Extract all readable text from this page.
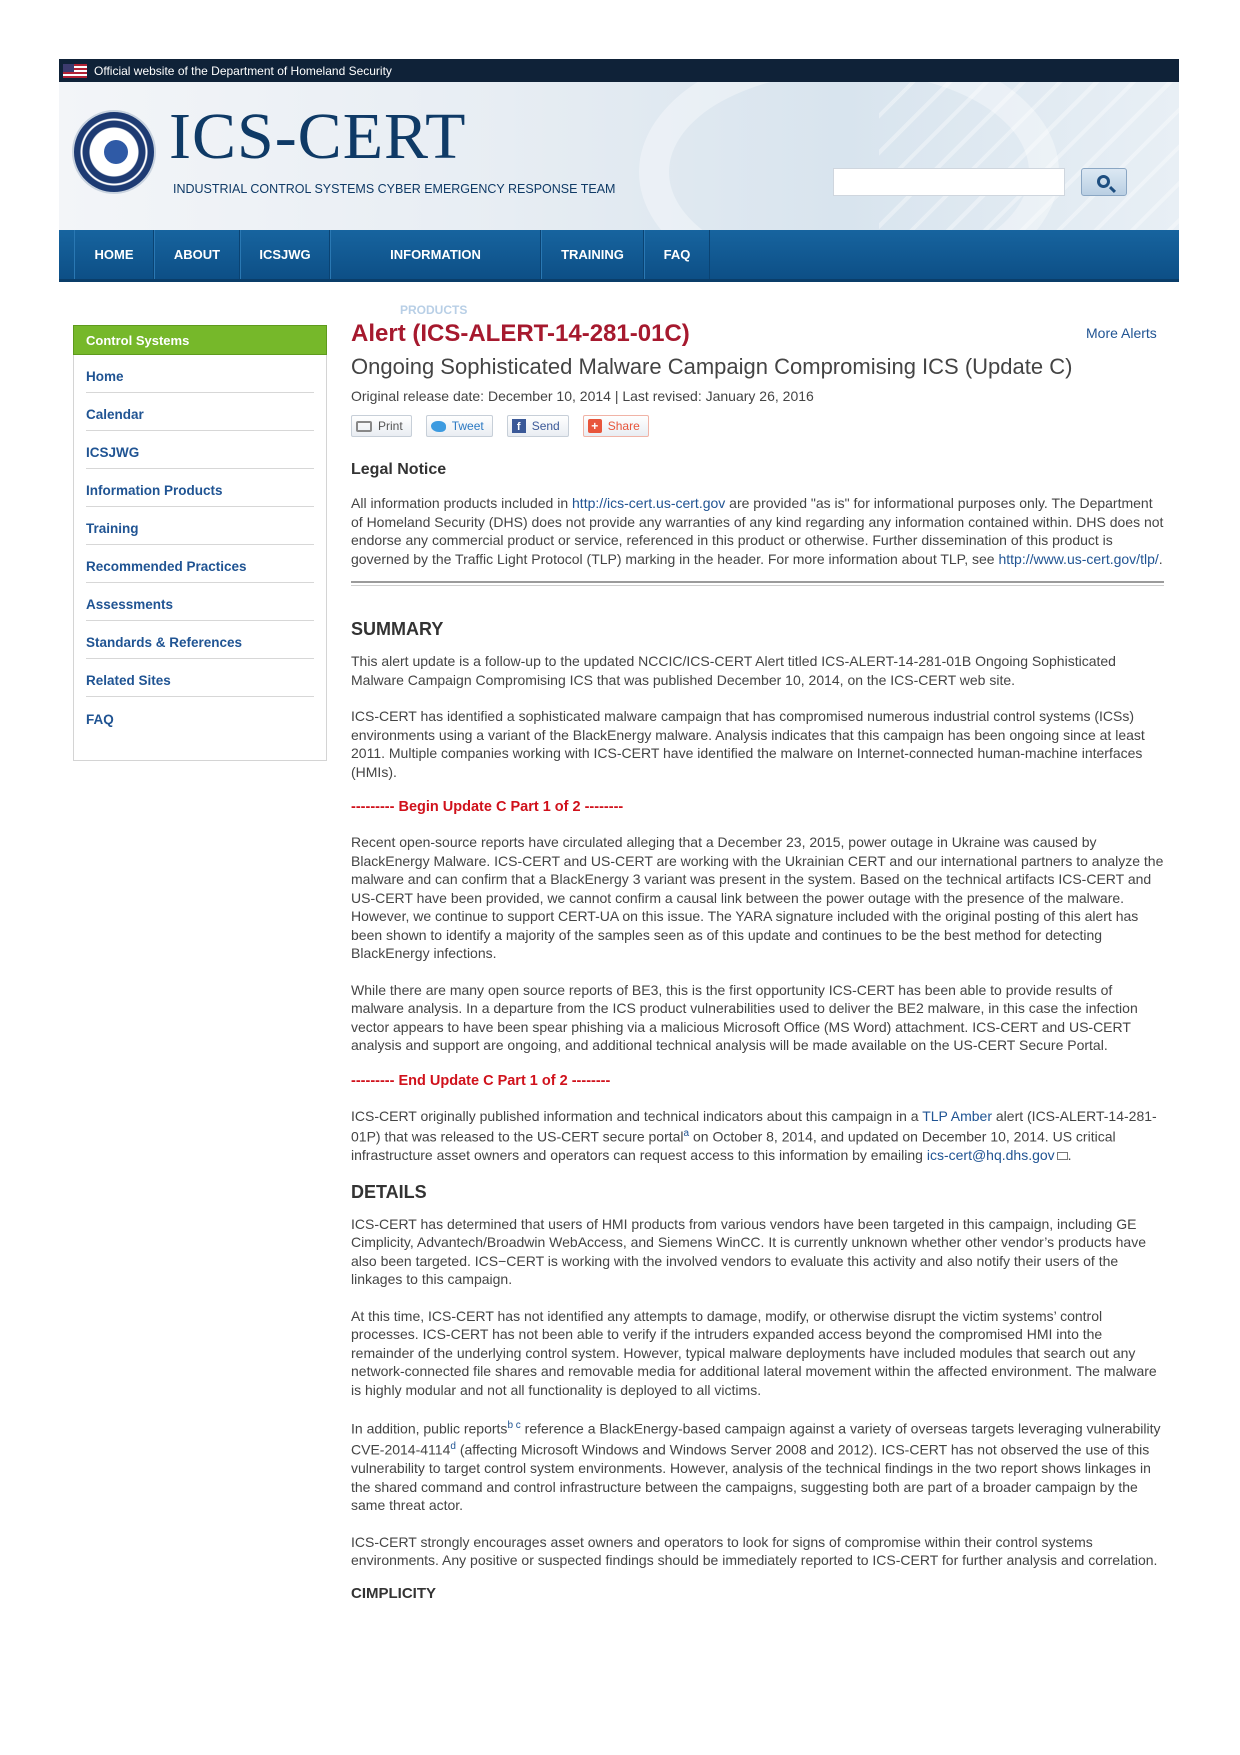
Official website of the Department of Homeland Security
ICS-CERT
INDUSTRIAL CONTROL SYSTEMS CYBER EMERGENCY RESPONSE TEAM
HOME	ABOUT	ICSJWG	INFORMATION	TRAINING	FAQ
PRODUCTS
Control Systems
Home
Calendar
ICSJWG
Information Products
Training
Recommended Practices
Assessments
Standards & References
Related Sites
FAQ
More Alerts
Alert (ICS-ALERT-14-281-01C)
Ongoing Sophisticated Malware Campaign Compromising ICS (Update C)
Original release date: December 10, 2014 | Last revised: January 26, 2016
Print	Tweet	f Send	+ Share
Legal Notice

All information products included in http://ics-cert.us-cert.gov are provided "as is" for informational purposes only. The Department of Homeland Security (DHS) does not provide any warranties of any kind regarding any information contained within. DHS does not endorse any commercial product or service, referenced in this product or otherwise. Further dissemination of this product is governed by the Traffic Light Protocol (TLP) marking in the header. For more information about TLP, see http://www.us-cert.gov/tlp/.

SUMMARY

This alert update is a follow-up to the updated NCCIC/ICS-CERT Alert titled ICS-ALERT-14-281-01B Ongoing Sophisticated Malware Campaign Compromising ICS that was published December 10, 2014, on the ICS-CERT web site.

ICS-CERT has identified a sophisticated malware campaign that has compromised numerous industrial control systems (ICSs) environments using a variant of the BlackEnergy malware. Analysis indicates that this campaign has been ongoing since at least 2011. Multiple companies working with ICS-CERT have identified the malware on Internet-connected human-machine interfaces (HMIs).

--------- Begin Update C Part 1 of 2 --------

Recent open-source reports have circulated alleging that a December 23, 2015, power outage in Ukraine was caused by BlackEnergy Malware. ICS-CERT and US-CERT are working with the Ukrainian CERT and our international partners to analyze the malware and can confirm that a BlackEnergy 3 variant was present in the system. Based on the technical artifacts ICS-CERT and US-CERT have been provided, we cannot confirm a causal link between the power outage with the presence of the malware. However, we continue to support CERT-UA on this issue. The YARA signature included with the original posting of this alert has been shown to identify a majority of the samples seen as of this update and continues to be the best method for detecting BlackEnergy infections.

While there are many open source reports of BE3, this is the first opportunity ICS-CERT has been able to provide results of malware analysis. In a departure from the ICS product vulnerabilities used to deliver the BE2 malware, in this case the infection vector appears to have been spear phishing via a malicious Microsoft Office (MS Word) attachment. ICS-CERT and US-CERT analysis and support are ongoing, and additional technical analysis will be made available on the US-CERT Secure Portal.

--------- End Update C Part 1 of 2 --------

ICS-CERT originally published information and technical indicators about this campaign in a TLP Amber alert (ICS-ALERT-14-281-01P) that was released to the US-CERT secure portal$^a$ on October 8, 2014, and updated on December 10, 2014. US critical infrastructure asset owners and operators can request access to this information by emailing ics-cert@hq.dhs.gov .

DETAILS

ICS-CERT has determined that users of HMI products from various vendors have been targeted in this campaign, including GE Cimplicity, Advantech/Broadwin WebAccess, and Siemens WinCC. It is currently unknown whether other vendor’s products have also been targeted. ICS−CERT is working with the involved vendors to evaluate this activity and also notify their users of the linkages to this campaign.

At this time, ICS-CERT has not identified any attempts to damage, modify, or otherwise disrupt the victim systems’ control processes. ICS-CERT has not been able to verify if the intruders expanded access beyond the compromised HMI into the remainder of the underlying control system. However, typical malware deployments have included modules that search out any network-connected file shares and removable media for additional lateral movement within the affected environment. The malware is highly modular and not all functionality is deployed to all victims.

In addition, public reports$^{b c}$ reference a BlackEnergy-based campaign against a variety of overseas targets leveraging vulnerability CVE-2014-4114$^d$ (affecting Microsoft Windows and Windows Server 2008 and 2012). ICS-CERT has not observed the use of this vulnerability to target control system environments. However, analysis of the technical findings in the two report shows linkages in the shared command and control infrastructure between the campaigns, suggesting both are part of a broader campaign by the same threat actor.

ICS-CERT strongly encourages asset owners and operators to look for signs of compromise within their control systems environments. Any positive or suspected findings should be immediately reported to ICS-CERT for further analysis and correlation.

CIMPLICITY
